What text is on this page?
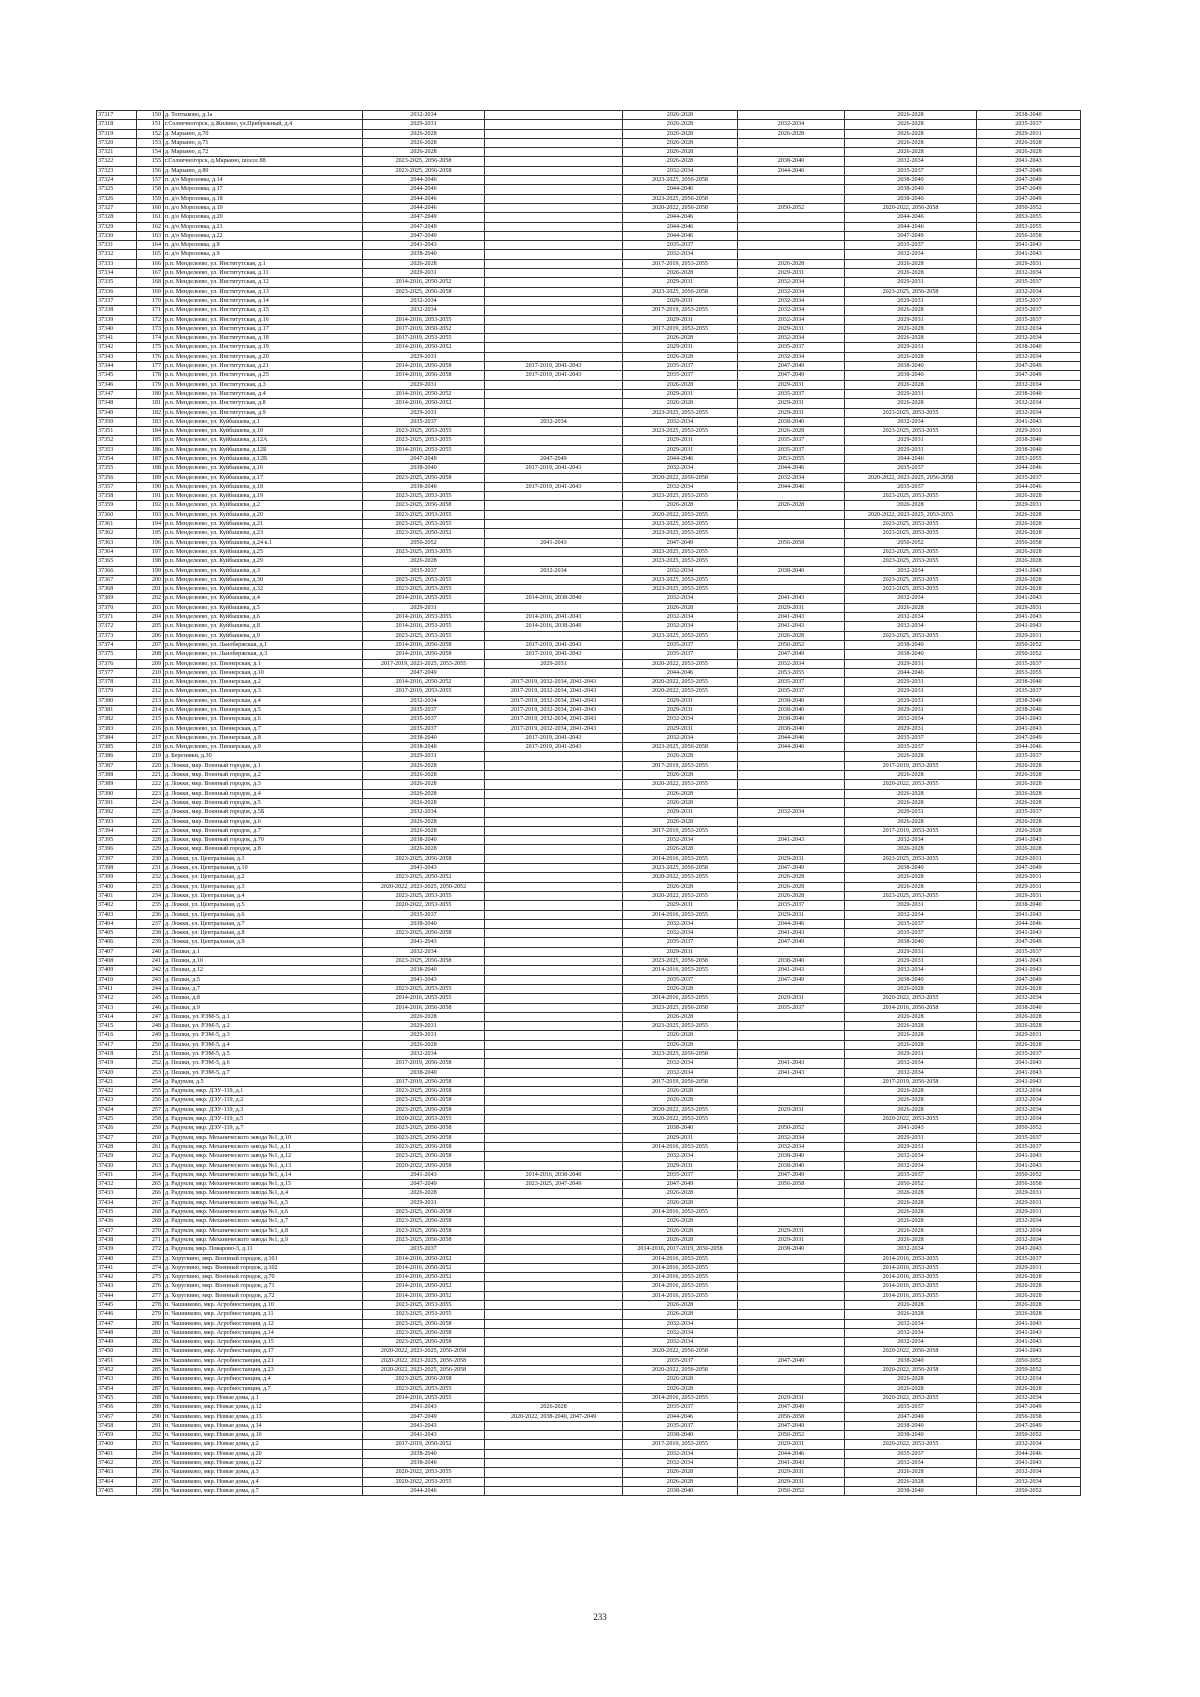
37317	150	д. Топтыково, д.1а	2032-2034		2026-2028		2026-2028	2038-2040
37318	151	г.Солнечногорск, д.Жилино, ул.Прибрежный, д.4	2029-2031		2026-2028	2032-2034	2026-2028	2035-2037
37319	152	д. Марьино, д.70	2026-2028		2026-2028	2026-2028	2026-2028	2029-2031
37320	153	д. Марьино, д.71	2026-2028		2026-2028		2026-2028	2026-2028
37321	154	д. Марьино, д.72	2026-2028		2026-2028		2026-2028	2026-2028
37322	155	г.Солнечногорск, д.Марьино, шоссе 88	2023-2025, 2056-2058		2026-2028	2038-2040	2032-2034	2041-2043
37323	156	д. Марьино, д.89	2023-2025, 2056-2058		2032-2034	2044-2046	2035-2037	2047-2049
37324	157	п. д/о Морозовка, д.14	2044-2046		2023-2025, 2056-2058		2038-2040	2047-2049
37325	158	п. д/о Морозовка, д.17	2044-2046		2044-2046		2038-2040	2047-2049
37326	159	п. д/о Морозовка, д.18	2044-2046		2023-2025, 2056-2058		2038-2040	2047-2049
37327	160	п. д/о Морозовка, д.19	2044-2046		2020-2022, 2056-2058	2050-2052	2020-2022, 2056-2058	2050-2052
37328	161	п. д/о Морозовка, д.20	2047-2049		2044-2046		2044-2046	2053-2055
37329	162	п. д/о Морозовка, д.21	2047-2049		2044-2046		2044-2046	2053-2055
37330	163	п. д/о Морозовка, д.22	2047-2049		2044-2046		2047-2049	2056-2058
37331	164	п. д/о Морозовка, д.8	2041-2043		2035-2037		2035-2037	2041-2043
37332	165	п. д/о Морозовка, д.9	2038-2040		2032-2034		2032-2034	2041-2043
37333	166	р.п. Менделеево, ул. Институтская, д.1	2026-2028		2017-2019, 2053-2055	2026-2028	2026-2028	2029-2031
37334	167	р.п. Менделеево, ул. Институтская, д.11	2029-2031		2026-2028	2029-2031	2026-2028	2032-2034
37335	168	р.п. Менделеево, ул. Институтская, д.12	2014-2016, 2050-2052		2029-2031	2032-2034	2029-2031	2035-2037
37336	169	р.п. Менделеево, ул. Институтская, д.13	2023-2025, 2056-2058		2023-2025, 2056-2058	2032-2034	2023-2025, 2056-2058	2032-2034
37337	170	р.п. Менделеево, ул. Институтская, д.14	2032-2034		2029-2031	2032-2034	2029-2031	2035-2037
37338	171	р.п. Менделеево, ул. Институтская, д.15	2032-2034		2017-2019, 2053-2055	2032-2034	2026-2028	2035-2037
37339	172	р.п. Менделеево, ул. Институтская, д.16	2014-2016, 2053-2055		2029-2031	2032-2034	2029-2031	2035-2037
37340	173	р.п. Менделеево, ул. Институтская, д.17	2017-2019, 2050-2052		2017-2019, 2053-2055	2029-2031	2026-2028	2032-2034
37341	174	р.п. Менделеево, ул. Институтская, д.18	2017-2019, 2053-2055		2026-2028	2032-2034	2026-2028	2032-2034
37342	175	р.п. Менделеево, ул. Институтская, д.19	2014-2016, 2050-2052		2029-2031	2035-2037	2029-2031	2038-2040
37343	176	р.п. Менделеево, ул. Институтская, д.20	2029-2031		2026-2028	2032-2034	2026-2028	2032-2034
37344	177	р.п. Менделеево, ул. Институтская, д.21	2014-2016, 2056-2058	2017-2019, 2041-2043	2035-2037	2047-2049	2038-2040	2047-2049
37345	178	р.п. Менделеево, ул. Институтская, д.25	2014-2016, 2056-2058	2017-2019, 2041-2043	2035-2037	2047-2049	2038-2040	2047-2049
37346	179	р.п. Менделеево, ул. Институтская, д.3	2029-2031		2026-2028	2029-2031	2026-2028	2032-2034
37347	180	р.п. Менделеево, ул. Институтская, д.4	2014-2016, 2050-2052		2029-2031	2035-2037	2029-2031	2038-2040
37348	181	р.п. Менделеево, ул. Институтская, д.8	2014-2016, 2050-2052		2026-2028	2029-2031	2026-2028	2032-2034
37349	182	р.п. Менделеево, ул. Институтская, д.9	2029-2031		2023-2025, 2053-2055	2029-2031	2023-2025, 2053-2055	2032-2034
37350	183	р.п. Менделеево, ул. Куйбышева, д.1	2035-2037	2032-2034	2032-2034	2038-2040	2032-2034	2041-2043
37351	184	р.п. Менделеево, ул. Куйбышева, д.10	2023-2025, 2053-2055		2023-2025, 2053-2055	2026-2028	2023-2025, 2053-2055	2029-2031
37352	185	р.п. Менделеево, ул. Куйбышева, д.12А	2023-2025, 2053-2055		2029-2031	2035-2037	2029-2031	2038-2040
37353	186	р.п. Менделеево, ул. Куйбышева, д.12Б	2014-2016, 2053-2055		2029-2031	2035-2037	2029-2031	2038-2040
37354	187	р.п. Менделеево, ул. Куйбышева, д.12В	2047-2049	2047-2049	2044-2046	2053-2055	2044-2046	2053-2055
37355	188	р.п. Менделеево, ул. Куйбышева, д.16	2038-2040	2017-2019, 2041-2043	2032-2034	2044-2046	2035-2037	2044-2046
37356	189	р.п. Менделеево, ул. Куйбышева, д.17	2023-2025, 2056-2058		2020-2022, 2056-2058	2032-2034	2020-2022, 2023-2025, 2056-2058	2035-2037
37357	190	р.п. Менделеево, ул. Куйбышева, д.18	2038-2040	2017-2019, 2041-2043	2032-2034	2044-2046	2035-2037	2044-2046
37358	191	р.п. Менделеево, ул. Куйбышева, д.19	2023-2025, 2053-2055		2023-2025, 2053-2055		2023-2025, 2053-2055	2026-2028
37359	192	р.п. Менделеево, ул. Куйбышева, д.2	2023-2025, 2056-2058		2026-2028	2026-2028	2026-2028	2029-2031
37360	193	р.п. Менделеево, ул. Куйбышева, д.20	2023-2025, 2053-2055		2020-2022, 2053-2055		2020-2022, 2023-2025, 2053-2055	2026-2028
37361	194	р.п. Менделеево, ул. Куйбышева, д.21	2023-2025, 2053-2055		2023-2025, 2053-2055		2023-2025, 2053-2055	2026-2028
37362	195	р.п. Менделеево, ул. Куйбышева, д.23	2023-2025, 2050-2052		2023-2025, 2053-2055		2023-2025, 2053-2055	2026-2028
37363	196	р.п. Менделеево, ул. Куйбышева, д.24 к.1	2050-2052	2041-2043	2047-2049	2056-2058	2050-2052	2056-2058
37364	197	р.п. Менделеево, ул. Куйбышева, д.25	2023-2025, 2053-2055		2023-2025, 2053-2055		2023-2025, 2053-2055	2026-2028
37365	198	р.п. Менделеево, ул. Куйбышева, д.29	2026-2028		2023-2025, 2053-2055		2023-2025, 2053-2055	2026-2028
37366	199	р.п. Менделеево, ул. Куйбышева, д.3	2035-2037	2032-2034	2032-2034	2038-2040	2032-2034	2041-2043
37367	200	р.п. Менделеево, ул. Куйбышева, д.30	2023-2025, 2053-2055		2023-2025, 2053-2055		2023-2025, 2053-2055	2026-2028
37368	201	р.п. Менделеево, ул. Куйбышева, д.32	2023-2025, 2053-2055		2023-2025, 2053-2055		2023-2025, 2053-2055	2026-2028
37369	202	р.п. Менделеево, ул. Куйбышева, д.4	2014-2016, 2053-2055	2014-2016, 2038-2040	2032-2034	2041-2043	2032-2034	2041-2043
37370	203	р.п. Менделеево, ул. Куйбышева, д.5	2029-2031		2026-2028	2029-2031	2026-2028	2029-2031
37371	204	р.п. Менделеево, ул. Куйбышева, д.6	2014-2016, 2053-2055	2014-2016, 2041-2043	2032-2034	2041-2043	2032-2034	2041-2043
37372	205	р.п. Менделеево, ул. Куйбышева, д.8	2014-2016, 2053-2055	2014-2016, 2038-2040	2032-2034	2041-2043	2032-2034	2041-2043
37373	206	р.п. Менделеево, ул. Куйбышева, д.9	2023-2025, 2053-2055		2023-2025, 2053-2055	2026-2028	2023-2025, 2053-2055	2029-2031
37374	207	р.п. Менделеево, ул. Льнобержская, д.1	2014-2016, 2056-2058	2017-2019, 2041-2043	2035-2037	2050-2052	2038-2040	2050-2052
37375	208	р.п. Менделеево, ул. Льнобержская, д.3	2014-2016, 2056-2058	2017-2019, 2041-2043	2035-2037	2047-2049	2038-2040	2050-2052
37376	209	р.п. Менделеево, ул. Пионерская, д.1	2017-2019, 2023-2025, 2053-2055	2029-2031	2020-2022, 2053-2055	2032-2034	2029-2031	2035-2037
37377	210	р.п. Менделеево, ул. Пионерская, д.10	2047-2049		2044-2046	2053-2055	2044-2046	2053-2055
37378	211	р.п. Менделеево, ул. Пионерская, д.2	2014-2016, 2050-2052	2017-2019, 2032-2034, 2041-2043	2020-2022, 2053-2055	2035-2037	2029-2031	2038-2040
37379	212	р.п. Менделеево, ул. Пионерская, д.3	2017-2019, 2053-2055	2017-2019, 2032-2034, 2041-2043	2020-2022, 2053-2055	2035-2037	2029-2031	2035-2037
37380	213	р.п. Менделеево, ул. Пионерская, д.4	2032-2034	2017-2019, 2032-2034, 2041-2043	2029-2031	2038-2040	2029-2031	2038-2040
37381	214	р.п. Менделеево, ул. Пионерская, д.5	2035-2037	2017-2019, 2032-2034, 2041-2043	2029-2031	2038-2040	2029-2031	2038-2040
37382	215	р.п. Менделеево, ул. Пионерская, д.6	2035-2037	2017-2019, 2032-2034, 2041-2043	2032-2034	2038-2040	2032-2034	2041-2043
37383	216	р.п. Менделеево, ул. Пионерская, д.7	2035-2037	2017-2019, 2032-2034, 2041-2043	2029-2031	2038-2040	2029-2031	2041-2043
37384	217	р.п. Менделеево, ул. Пионерская, д.8	2038-2040	2017-2019, 2041-2043	2032-2034	2044-2046	2035-2037	2047-2049
37385	218	р.п. Менделеево, ул. Пионерская, д.9	2038-2040	2017-2019, 2041-2043	2023-2025, 2056-2058	2044-2046	2035-2037	2044-2046
37386	219	д. Березняки, д.30	2029-2031		2026-2028		2026-2028	2035-2037
37387	220	д. Ложки, мкр. Военный городок, д.1	2026-2028		2017-2019, 2053-2055		2017-2019, 2053-2055	2026-2028
37388	221	д. Ложки, мкр. Военный городок, д.2	2026-2028		2026-2028		2026-2028	2026-2028
37389	222	д. Ложки, мкр. Военный городок, д.3	2026-2028		2020-2022, 2053-2055		2020-2022, 2053-2055	2026-2028
37390	223	д. Ложки, мкр. Военный городок, д.4	2026-2028		2026-2028		2026-2028	2026-2028
37391	224	д. Ложки, мкр. Военный городок, д.5	2026-2028		2026-2028		2026-2028	2026-2028
37392	225	д. Ложки, мкр. Военный городок, д.5Б	2032-2034		2029-2031	2032-2034	2029-2031	2035-2037
37393	226	д. Ложки, мкр. Военный городок, д.6	2026-2028		2026-2028		2026-2028	2026-2028
37394	227	д. Ложки, мкр. Военный городок, д.7	2026-2028		2017-2019, 2053-2055		2017-2019, 2053-2055	2026-2028
37395	228	д. Ложки, мкр. Военный городок, д.70	2038-2040		2032-2034	2041-2043	2032-2034	2041-2043
37396	229	д. Ложки, мкр. Военный городок, д.8	2026-2028		2026-2028		2026-2028	2026-2028
37397	230	д. Ложки, ул. Центральная, д.1	2023-2025, 2056-2058		2014-2016, 2053-2055	2029-2031	2023-2025, 2053-2055	2029-2031
37398	231	д. Ложки, ул. Центральная, д.10	2041-2043		2023-2025, 2056-2058	2047-2049	2038-2040	2047-2049
37399	232	д. Ложки, ул. Центральная, д.2	2023-2025, 2050-2052		2020-2022, 2053-2055	2026-2028	2026-2028	2029-2031
37400	233	д. Ложки, ул. Центральная, д.3	2020-2022, 2023-2025, 2050-2052		2026-2028	2026-2028	2026-2028	2029-2031
37401	234	д. Ложки, ул. Центральная, д.4	2023-2025, 2053-2055		2020-2022, 2053-2055	2026-2028	2023-2025, 2053-2055	2029-2031
37402	235	д. Ложки, ул. Центральная, д.5	2020-2022, 2053-2055		2029-2031	2035-2037	2029-2031	2038-2040
37403	236	д. Ложки, ул. Центральная, д.6	2035-2037		2014-2016, 2053-2055	2029-2031	2032-2034	2041-2043
37404	237	д. Ложки, ул. Центральная, д.7	2038-2040		2032-2034	2044-2046	2035-2037	2044-2046
37405	238	д. Ложки, ул. Центральная, д.8	2023-2025, 2056-2058		2032-2034	2041-2043	2035-2037	2041-2043
37406	239	д. Ложки, ул. Центральная, д.9	2041-2043		2035-2037	2047-2049	2038-2040	2047-2049
37407	240	д. Пешки, д.1	2032-2034		2029-2031		2029-2031	2035-2037
37408	241	д. Пешки, д.10	2023-2025, 2056-2058		2023-2025, 2056-2058	2038-2040	2029-2031	2041-2043
37409	242	д. Пешки, д.12	2038-2040		2014-2016, 2053-2055	2041-2043	2032-2034	2041-2043
37410	243	д. Пешки, д.5	2041-2043		2035-2037	2047-2049	2038-2040	2047-2049
37411	244	д. Пешки, д.7	2023-2025, 2053-2055		2026-2028		2026-2028	2026-2028
37412	245	д. Пешки, д.8	2014-2016, 2053-2055		2014-2016, 2053-2055	2029-2031	2020-2022, 2053-2055	2032-2034
37413	246	д. Пешки, д.9	2014-2016, 2056-2058		2023-2025, 2056-2058	2035-2037	2014-2016, 2056-2058	2038-2040
37414	247	д. Пешки, ул. РЭМ-5, д.1	2026-2028		2026-2028		2026-2028	2026-2028
37415	248	д. Пешки, ул. РЭМ-5, д.2	2029-2031		2023-2025, 2053-2055		2026-2028	2026-2028
37416	249	д. Пешки, ул. РЭМ-5, д.3	2029-2031		2026-2028		2026-2028	2029-2031
37417	250	д. Пешки, ул. РЭМ-5, д.4	2026-2028		2026-2028		2026-2028	2026-2028
37418	251	д. Пешки, ул. РЭМ-5, д.5	2032-2034		2023-2025, 2056-2058		2029-2031	2035-2037
37419	252	д. Пешки, ул. РЭМ-5, д.6	2017-2019, 2056-2058		2032-2034	2041-2043	2032-2034	2041-2043
37420	253	д. Пешки, ул. РЭМ-5, д.7	2038-2040		2032-2034	2041-2043	2032-2034	2041-2043
37421	254	д. Радумля, д.5	2017-2019, 2056-2058		2017-2019, 2056-2058		2017-2019, 2056-2058	2041-2043
37422	255	д. Радумля, мкр. ДЭУ-119, д.1	2023-2025, 2056-2058		2026-2028		2026-2028	2032-2034
37423	256	д. Радумля, мкр. ДЭУ-119, д.2	2023-2025, 2056-2058		2026-2028		2026-2028	2032-2034
37424	257	д. Радумля, мкр. ДЭУ-119, д.3	2023-2025, 2056-2058		2020-2022, 2053-2055	2029-2031	2026-2028	2032-2034
37425	258	д. Радумля, мкр. ДЭУ-119, д.5	2020-2022, 2053-2055		2020-2022, 2053-2055		2020-2022, 2053-2055	2032-2034
37426	259	д. Радумля, мкр. ДЭУ-119, д.7	2023-2025, 2056-2058		2038-2040	2050-2052	2041-2043	2050-2052
37427	260	д. Радумля, мкр. Механического завода №1, д.10	2023-2025, 2056-2058		2029-2031	2032-2034	2029-2031	2035-2037
37428	261	д. Радумля, мкр. Механического завода №1, д.11	2023-2025, 2056-2058		2014-2016, 2053-2055	2032-2034	2029-2031	2035-2037
37429	262	д. Радумля, мкр. Механического завода №1, д.12	2023-2025, 2056-2058		2032-2034	2038-2040	2032-2034	2041-2043
37430	263	д. Радумля, мкр. Механического завода №1, д.13	2020-2022, 2056-2058		2029-2031	2038-2040	2032-2034	2041-2043
37431	264	д. Радумля, мкр. Механического завода №1, д.14	2041-2043	2014-2016, 2038-2040	2035-2037	2047-2049	2035-2037	2050-2052
37432	265	д. Радумля, мкр. Механического завода №1, д.15	2047-2049	2023-2025, 2047-2049	2047-2049	2056-2058	2050-2052	2056-2058
37433	266	д. Радумля, мкр. Механического завода №1, д.4	2026-2028		2026-2028		2026-2028	2029-2031
37434	267	д. Радумля, мкр. Механического завода №1, д.5	2029-2031		2026-2028		2026-2028	2029-2031
37435	268	д. Радумля, мкр. Механического завода №1, д.6	2023-2025, 2056-2058		2014-2016, 2053-2055		2026-2028	2029-2031
37436	269	д. Радумля, мкр. Механического завода №1, д.7	2023-2025, 2056-2058		2026-2028		2026-2028	2032-2034
37437	270	д. Радумля, мкр. Механического завода №1, д.8	2023-2025, 2056-2058		2026-2028	2029-2031	2026-2028	2032-2034
37438	271	д. Радумля, мкр. Механического завода №1, д.9	2023-2025, 2056-2058		2026-2028	2029-2031	2026-2028	2032-2034
37439	272	д. Радумля, мкр. Поварово-3, д.11	2035-2037		2014-2016, 2017-2019, 2056-2058	2038-2040	2032-2034	2041-2043
37440	273	д. Хоругвино, мкр. Военный городок, д.101	2014-2016, 2050-2052		2014-2016, 2053-2055		2014-2016, 2053-2055	2035-2037
37441	274	д. Хоругвино, мкр. Военный городок, д.102	2014-2016, 2050-2052		2014-2016, 2053-2055		2014-2016, 2053-2055	2029-2031
37442	275	д. Хоругвино, мкр. Военный городок, д.70	2014-2016, 2050-2052		2014-2016, 2053-2055		2014-2016, 2053-2055	2026-2028
37443	276	д. Хоругвино, мкр. Военный городок, д.71	2014-2016, 2050-2052		2014-2016, 2053-2055		2014-2016, 2053-2055	2026-2028
37444	277	д. Хоругвино, мкр. Военный городок, д.72	2014-2016, 2050-2052		2014-2016, 2053-2055		2014-2016, 2053-2055	2026-2028
37445	278	п. Чашниково, мкр. Агробиостанция, д.10	2023-2025, 2053-2055		2026-2028		2026-2028	2026-2028
37446	279	п. Чашниково, мкр. Агробиостанция, д.11	2023-2025, 2053-2055		2026-2028		2026-2028	2026-2028
37447	280	п. Чашниково, мкр. Агробиостанция, д.12	2023-2025, 2056-2058		2032-2034		2032-2034	2041-2043
37448	281	п. Чашниково, мкр. Агробиостанция, д.14	2023-2025, 2056-2058		2032-2034		2032-2034	2041-2043
37449	282	п. Чашниково, мкр. Агробиостанция, д.15	2023-2025, 2056-2058		2032-2034		2032-2034	2041-2043
37450	283	п. Чашниково, мкр. Агробиостанция, д.17	2020-2022, 2023-2025, 2056-2058		2020-2022, 2056-2058		2020-2022, 2056-2058	2041-2043
37451	284	п. Чашниково, мкр. Агробиостанция, д.21	2020-2022, 2023-2025, 2056-2058		2035-2037	2047-2049	2038-2040	2050-2052
37452	285	п. Чашниково, мкр. Агробиостанция, д.23	2020-2022, 2023-2025, 2056-2058		2020-2022, 2056-2058		2020-2022, 2056-2058	2050-2052
37453	286	п. Чашниково, мкр. Агробиостанция, д.4	2023-2025, 2056-2058		2026-2028		2026-2028	2032-2034
37454	287	п. Чашниково, мкр. Агробиостанция, д.7	2023-2025, 2053-2055		2026-2028		2026-2028	2026-2028
37455	288	п. Чашниково, мкр. Новые дома, д.1	2014-2016, 2053-2055		2014-2016, 2053-2055	2029-2031	2020-2022, 2053-2055	2032-2034
37456	289	п. Чашниково, мкр. Новые дома, д.12	2041-2043	2026-2028	2035-2037	2047-2049	2035-2037	2047-2049
37457	290	п. Чашниково, мкр. Новые дома, д.13	2047-2049	2020-2022, 2038-2040, 2047-2049	2044-2046	2056-2058	2047-2049	2056-2058
37458	291	п. Чашниково, мкр. Новые дома, д.14	2041-2043		2035-2037	2047-2049	2038-2040	2047-2049
37459	292	п. Чашниково, мкр. Новые дома, д.16	2041-2043		2038-2040	2050-2052	2038-2040	2050-2052
37460	293	п. Чашниково, мкр. Новые дома, д.2	2017-2019, 2050-2052		2017-2019, 2053-2055	2029-2031	2020-2022, 2053-2055	2032-2034
37461	294	п. Чашниково, мкр. Новые дома, д.20	2038-2040		2032-2034	2044-2046	2035-2037	2044-2046
37462	295	п. Чашниково, мкр. Новые дома, д.22	2038-2040		2032-2034	2041-2043	2032-2034	2041-2043
37463	296	п. Чашниково, мкр. Новые дома, д.3	2020-2022, 2053-2055		2026-2028	2029-2031	2026-2028	2032-2034
37464	297	п. Чашниково, мкр. Новые дома, д.4	2020-2022, 2053-2055		2026-2028	2029-2031	2026-2028	2032-2034
37465	298	п. Чашниково, мкр. Новые дома, д.7	2044-2046		2038-2040	2050-2052	2038-2040	2050-2052
233
